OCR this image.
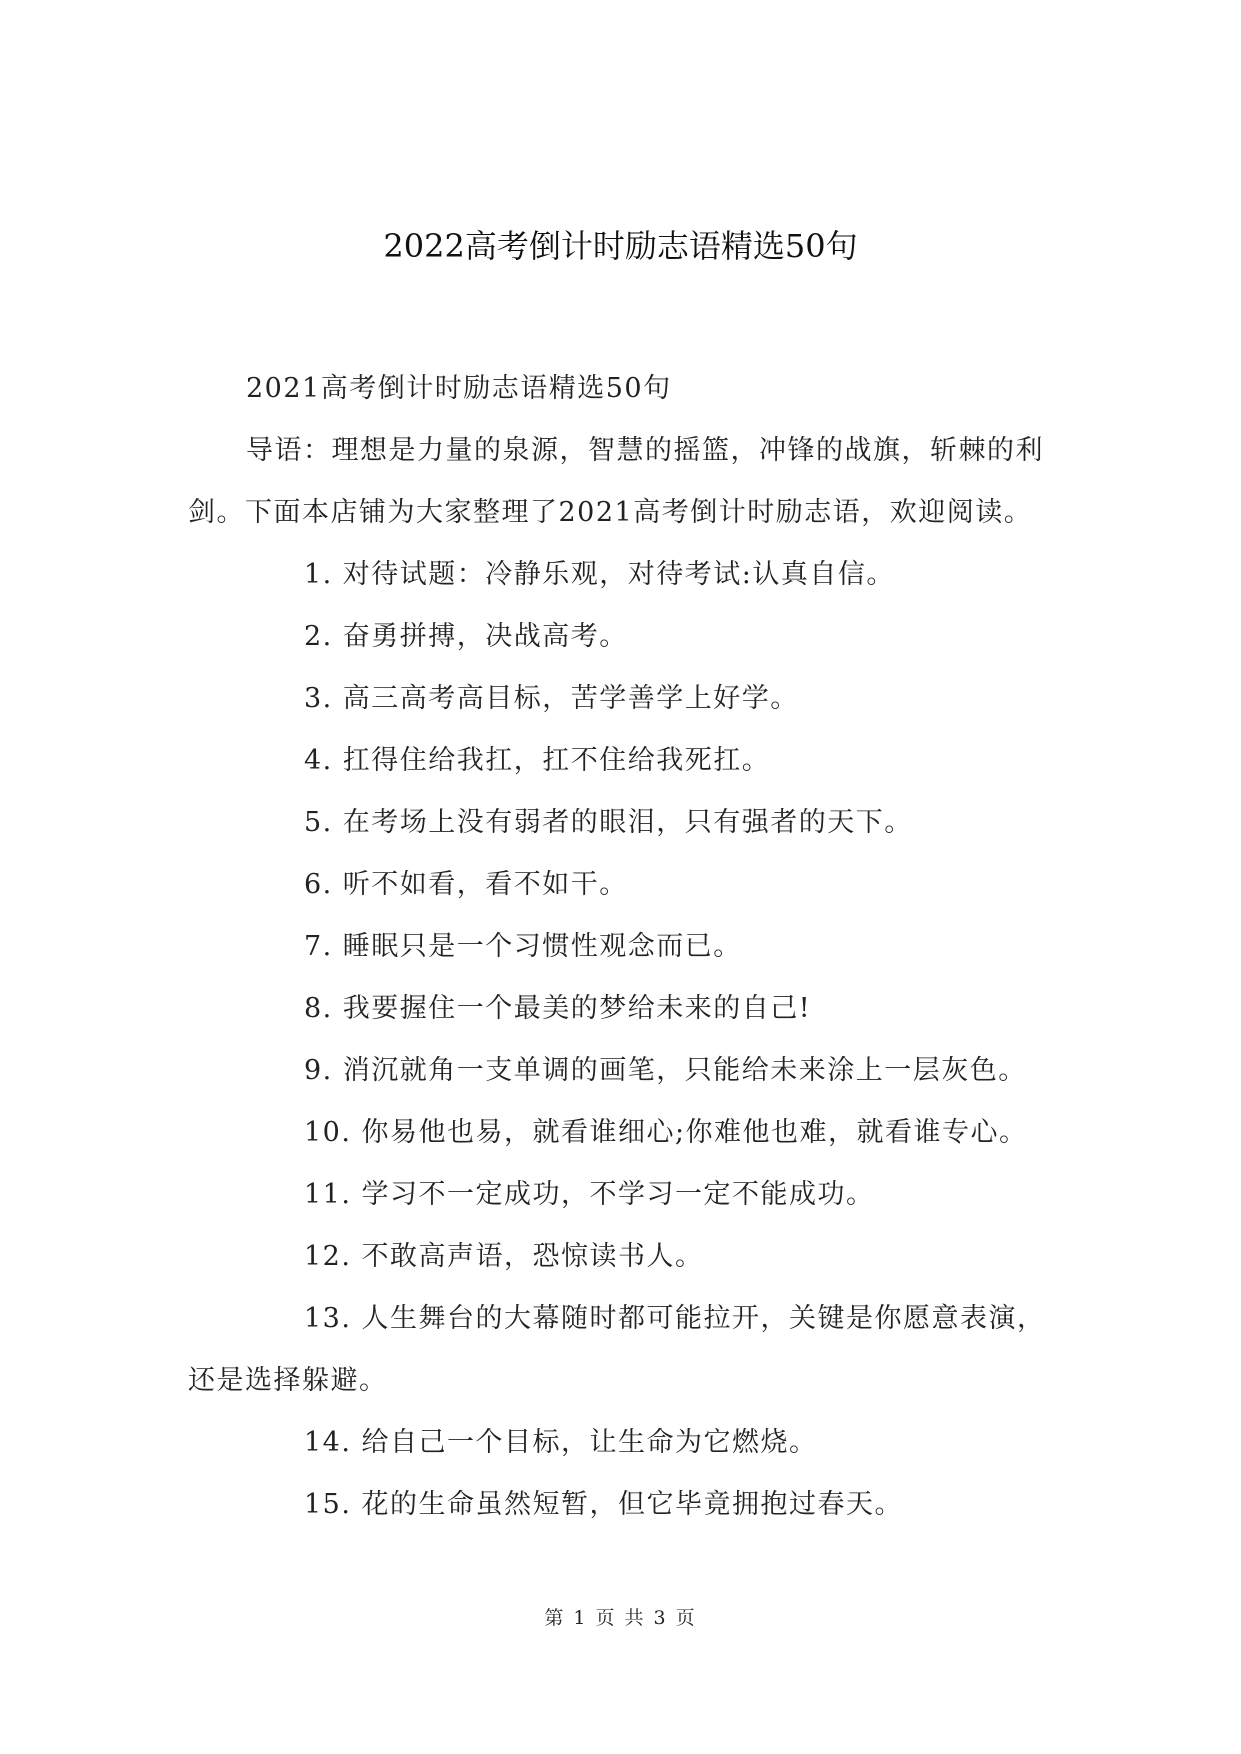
2022高考倒计时励志语精选50句

2021高考倒计时励志语精选50句

导语：理想是力量的泉源，智慧的摇篮，冲锋的战旗，斩棘的利剑。下面本店铺为大家整理了2021高考倒计时励志语，欢迎阅读。

1. 对待试题：冷静乐观，对待考试:认真自信。

2. 奋勇拼搏，决战高考。

3. 高三高考高目标，苦学善学上好学。

4. 扛得住给我扛，扛不住给我死扛。

5. 在考场上没有弱者的眼泪，只有强者的天下。

6. 听不如看，看不如干。

7. 睡眠只是一个习惯性观念而已。

8. 我要握住一个最美的梦给未来的自己!

9. 消沉就角一支单调的画笔，只能给未来涂上一层灰色。

10. 你易他也易，就看谁细心;你难他也难，就看谁专心。

11. 学习不一定成功，不学习一定不能成功。

12. 不敢高声语，恐惊读书人。

13. 人生舞台的大幕随时都可能拉开，关键是你愿意表演，还是选择躲避。

14. 给自己一个目标，让生命为它燃烧。

15. 花的生命虽然短暂，但它毕竟拥抱过春天。

第 1 页 共 3 页
